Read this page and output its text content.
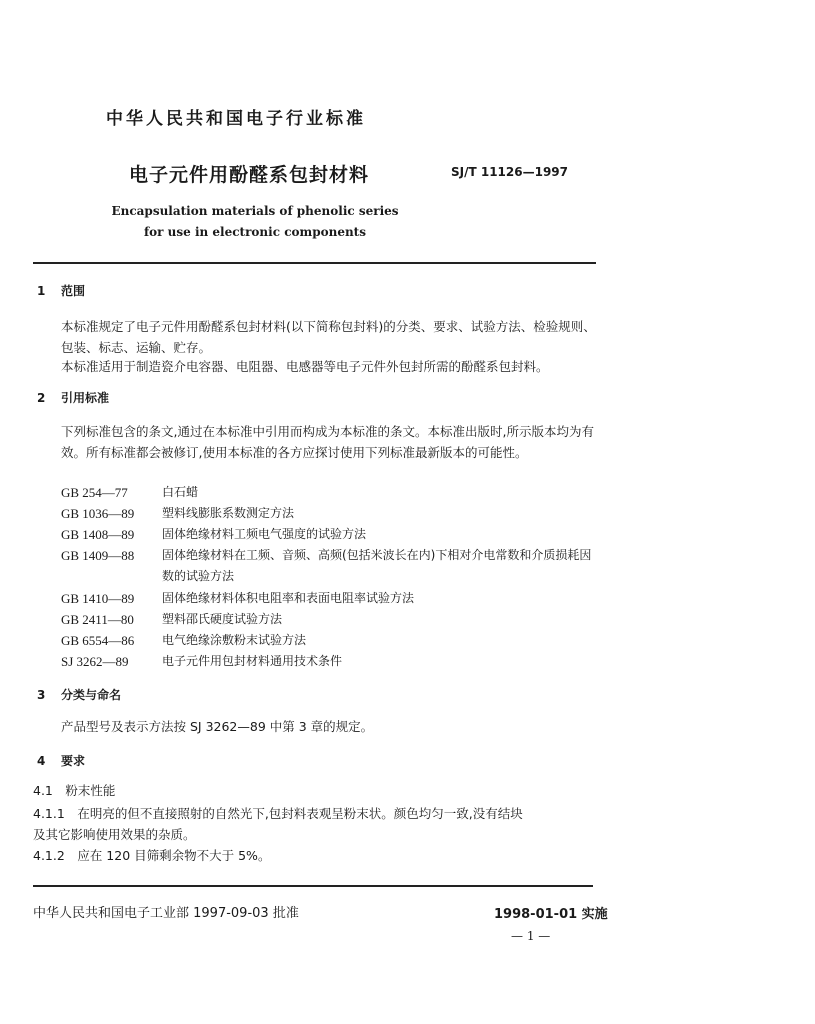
中华人民共和国电子行业标准
电子元件用酚醛系包封材料	SJ/T 11126—1997
Encapsulation materials of phenolic series
for use in electronic components
1 范围
本标准规定了电子元件用酚醛系包封材料(以下简称包封料)的分类、要求、试验方法、检验规则、包装、标志、运输、贮存。
本标准适用于制造瓷介电容器、电阻器、电感器等电子元件外包封所需的酚醛系包封料。
2 引用标准
下列标准包含的条文,通过在本标准中引用而构成为本标准的条文。本标准出版时,所示版本均为有效。所有标准都会被修订,使用本标准的各方应探讨使用下列标准最新版本的可能性。
GB 254—77	白石蜡
GB 1036—89	塑料线膨胀系数测定方法
GB 1408—89	固体绝缘材料工频电气强度的试验方法
GB 1409—88	固体绝缘材料在工频、音频、高频(包括米波长在内)下相对介电常数和介质损耗因数的试验方法
GB 1410—89	固体绝缘材料体积电阻率和表面电阻率试验方法
GB 2411—80	塑料邵氏硬度试验方法
GB 6554—86	电气绝缘涂敷粉末试验方法
SJ 3262—89	电子元件用包封材料通用技术条件
3 分类与命名
产品型号及表示方法按 SJ 3262—89 中第 3 章的规定。
4 要求
4.1　粉末性能
4.1.1　 在明亮的但不直接照射的自然光下,包封料表观呈粉末状。颜色均匀一致,没有结块
及其它影响使用效果的杂质。
4.1.2　 应在 120 目筛剩余物不大于 5%。
中华人民共和国电子工业部 1997-09-03 批准	1998-01-01 实施
— 1 —
